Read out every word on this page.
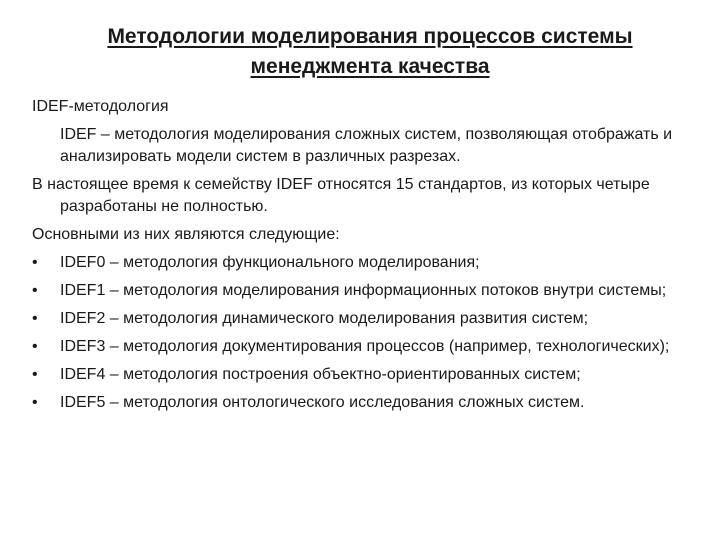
Методологии моделирования процессов системы
менеджмента качества

IDEF-методология

IDEF – методология моделирования сложных систем, позволяющая отображать и анализировать модели систем в различных разрезах.

В настоящее время к семейству IDEF относятся 15 стандартов, из которых четыре разработаны не полностью.

Основными из них являются следующие:

•	IDEF0 – методология функционального моделирования;
•	IDEF1 – методология моделирования информационных потоков внутри системы;
•	IDEF2 – методология динамического моделирования развития систем;
•	IDEF3 – методология документирования процессов (например, технологических);
•	IDEF4 – методология построения объектно-ориентированных систем;
•	IDEF5 – методология онтологического исследования сложных систем.
